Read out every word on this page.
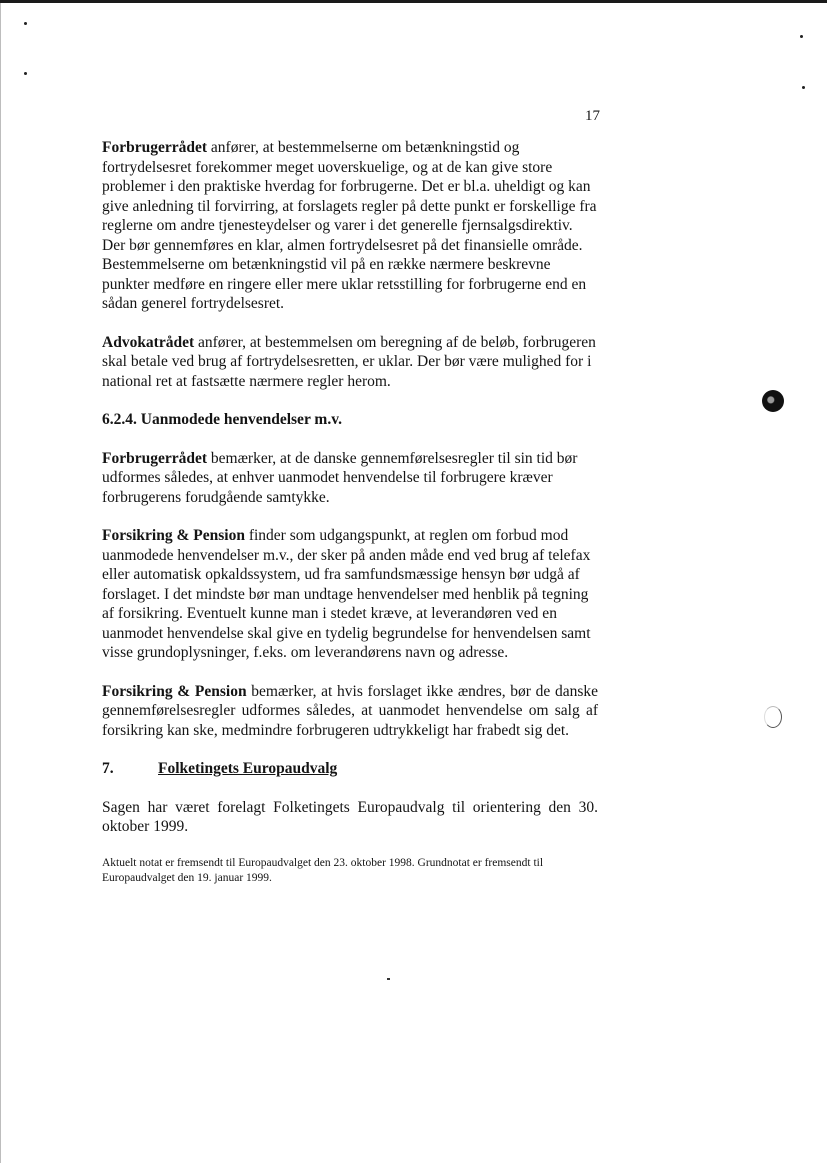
17

Forbrugerrådet anfører, at bestemmelserne om betænkningstid og fortrydelsesret forekommer meget uoverskuelige, og at de kan give store problemer i den praktiske hverdag for forbrugerne. Det er bl.a. uheldigt og kan give anledning til forvirring, at forslagets regler på dette punkt er forskellige fra reglerne om andre tjenesteydelser og varer i det generelle fjernsalgsdirektiv. Der bør gennemføres en klar, almen fortrydelsesret på det finansielle område. Bestemmelserne om betænkningstid vil på en række nærmere beskrevne punkter medføre en ringere eller mere uklar retsstilling for forbrugerne end en sådan generel fortrydelsesret.

Advokatrådet anfører, at bestemmelsen om beregning af de beløb, forbrugeren skal betale ved brug af fortrydelsesretten, er uklar. Der bør være mulighed for i national ret at fastsætte nærmere regler herom.

6.2.4. Uanmodede henvendelser m.v.

Forbrugerrådet bemærker, at de danske gennemførelsesregler til sin tid bør udformes således, at enhver uanmodet henvendelse til forbrugere kræver forbrugerens forudgående samtykke.

Forsikring & Pension finder som udgangspunkt, at reglen om forbud mod uanmodede henvendelser m.v., der sker på anden måde end ved brug af telefax eller automatisk opkaldssystem, ud fra samfundsmæssige hensyn bør udgå af forslaget. I det mindste bør man undtage henvendelser med henblik på tegning af forsikring. Eventuelt kunne man i stedet kræve, at leverandøren ved en uanmodet henvendelse skal give en tydelig begrundelse for henvendelsen samt visse grundoplysninger, f.eks. om leverandørens navn og adresse.

Forsikring & Pension bemærker, at hvis forslaget ikke ændres, bør de danske gennemførelsesregler udformes således, at uanmodet henvendelse om salg af forsikring kan ske, medmindre forbrugeren udtrykkeligt har frabedt sig det.

7.	Folketingets Europaudvalg

Sagen har været forelagt Folketingets Europaudvalg til orientering den 30. oktober 1999.

Aktuelt notat er fremsendt til Europaudvalget den 23. oktober 1998. Grundnotat er fremsendt til Europaudvalget den 19. januar 1999.
